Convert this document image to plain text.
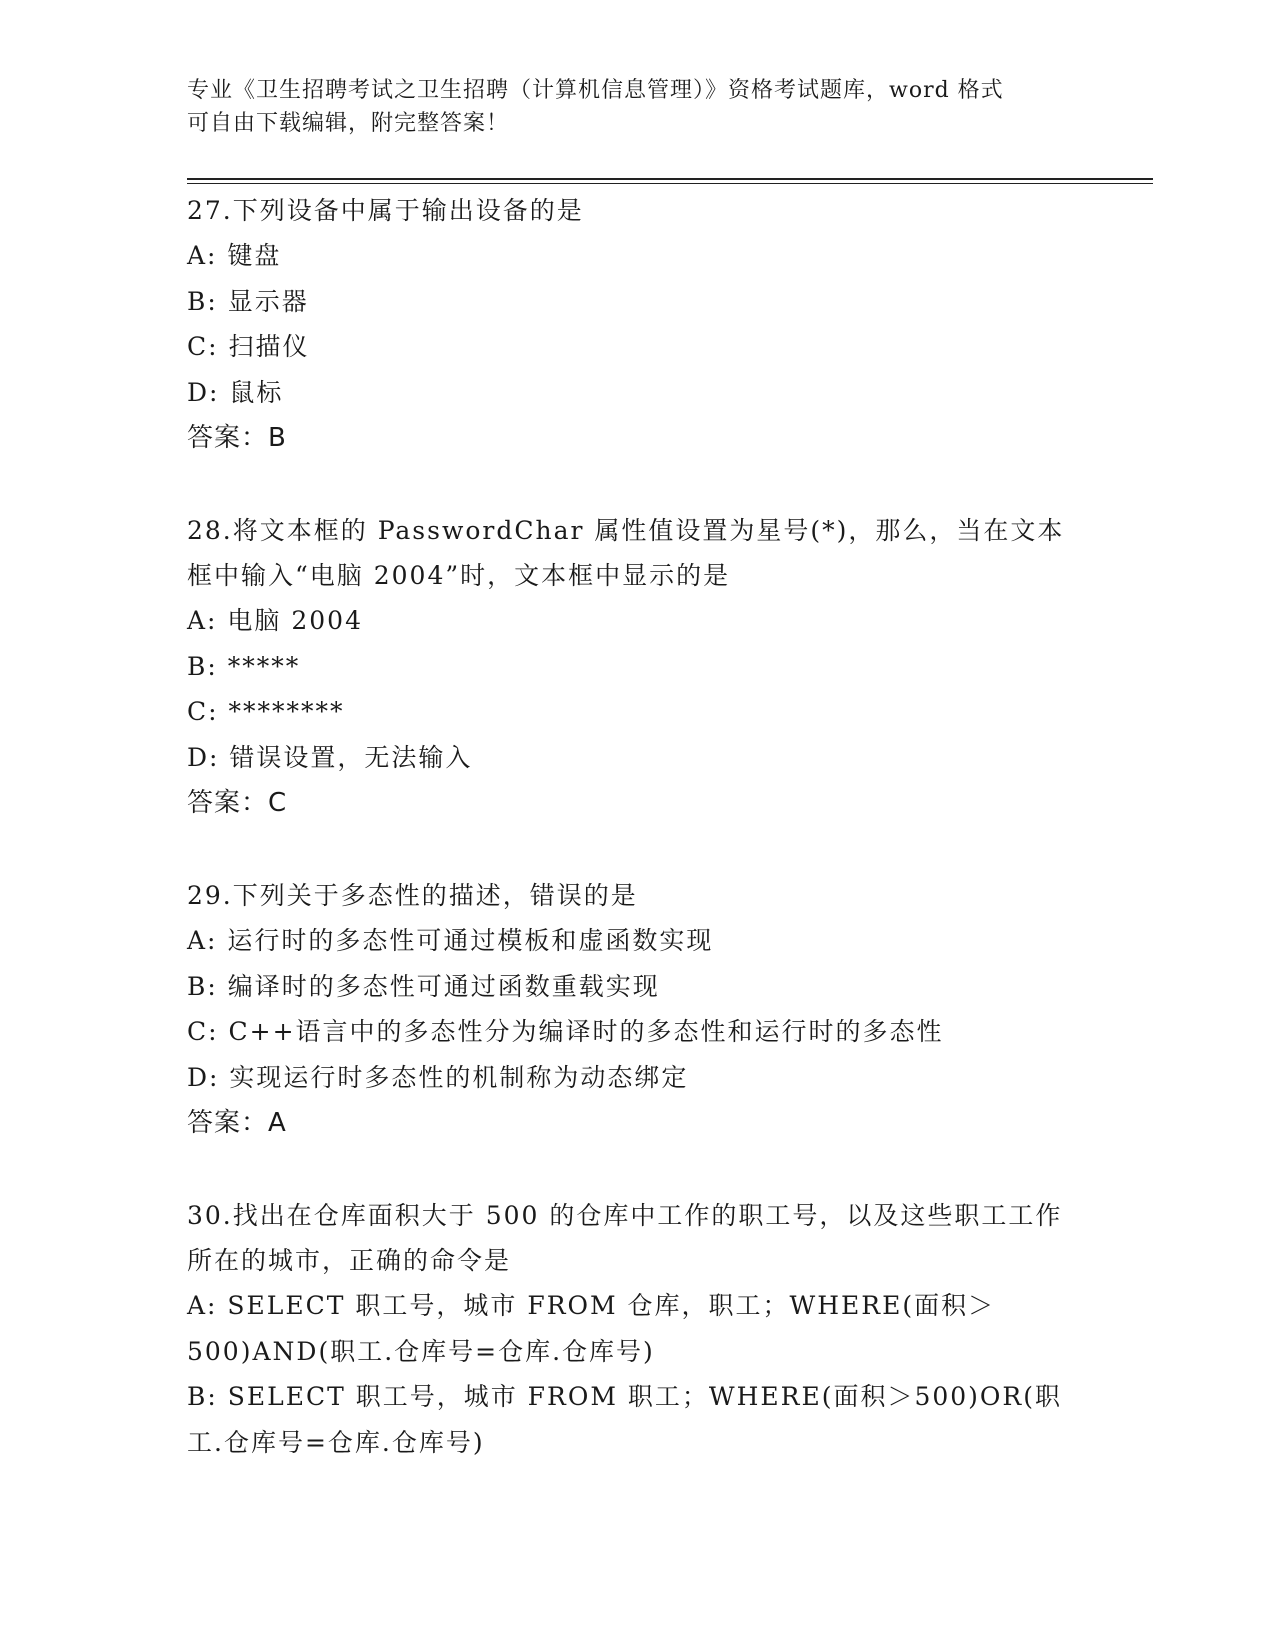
专业《卫生招聘考试之卫生招聘（计算机信息管理）》资格考试题库，word 格式
可自由下载编辑，附完整答案！

27.下列设备中属于输出设备的是

A: 键盘

B: 显示器

C: 扫描仪

D: 鼠标

答案：B

28.将文本框的 PasswordChar 属性值设置为星号(*)，那么，当在文本框中输入“电脑 2004”时，文本框中显示的是

A: 电脑 2004

B: *****

C: ********

D: 错误设置，无法输入

答案：C

29.下列关于多态性的描述，错误的是

A: 运行时的多态性可通过模板和虚函数实现

B: 编译时的多态性可通过函数重载实现

C: C++语言中的多态性分为编译时的多态性和运行时的多态性

D: 实现运行时多态性的机制称为动态绑定

答案：A

30.找出在仓库面积大于 500 的仓库中工作的职工号，以及这些职工工作所在的城市，正确的命令是

A: SELECT 职工号，城市 FROM 仓库，职工；WHERE(面积＞500)AND(职工.仓库号=仓库.仓库号)

B: SELECT 职工号，城市 FROM 职工；WHERE(面积＞500)OR(职工.仓库号=仓库.仓库号)
